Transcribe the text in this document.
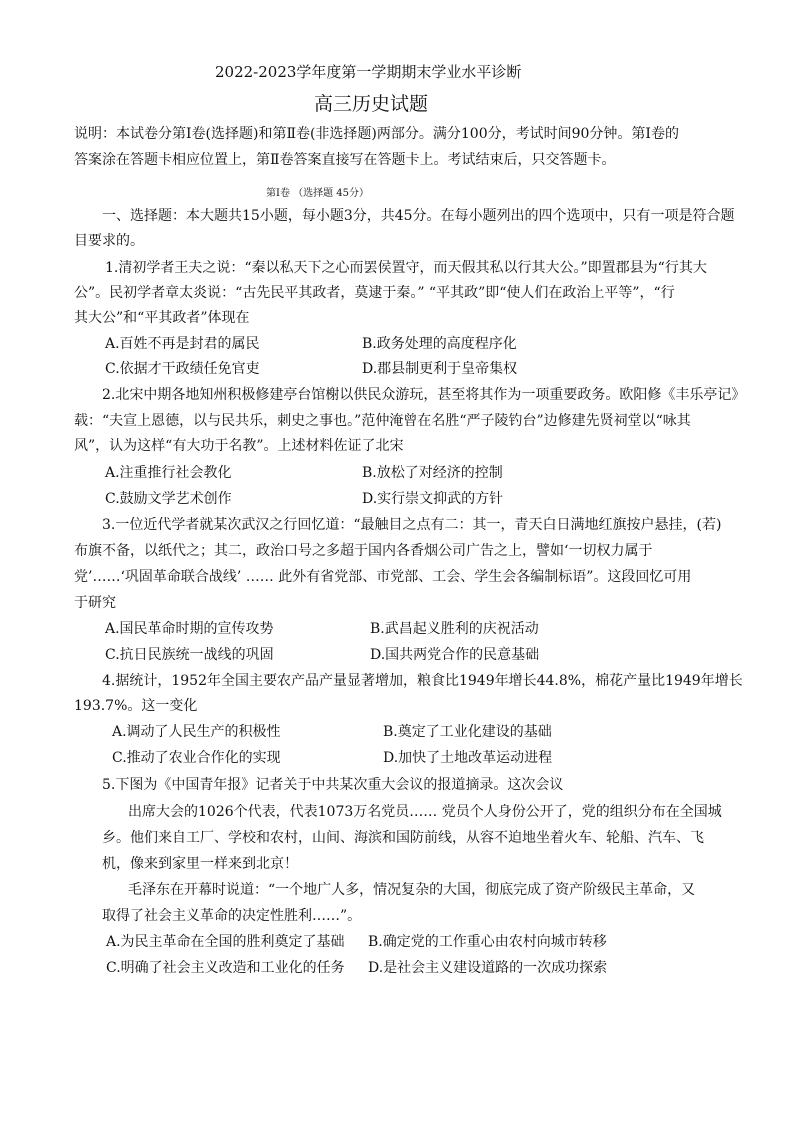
2022-2023学年度第一学期期末学业水平诊断

高三历史试题

说明：本试卷分第Ⅰ卷(选择题)和第Ⅱ卷(非选择题)两部分。满分100分，考试时间90分钟。第Ⅰ卷的

答案涂在答题卡相应位置上，第Ⅱ卷答案直接写在答题卡上。考试结束后，只交答题卡。

第Ⅰ卷 （选择题 45分）

一、选择题：本大题共15小题，每小题3分，共45分。在每小题列出的四个选项中，只有一项是符合题

目要求的。

1.清初学者王夫之说：“秦以私天下之心而罢侯置守，而天假其私以行其大公。”即置郡县为“行其大

公”。民初学者章太炎说：“古先民平其政者，莫逮于秦。” “平其政”即“使人们在政治上平等”，“行

其大公”和“平其政者”体现在

A.百姓不再是封君的属民	B.政务处理的高度程序化
C.依据才干政绩任免官吏	D.郡县制更利于皇帝集权

2.北宋中期各地知州积极修建亭台馆榭以供民众游玩，甚至将其作为一项重要政务。欧阳修《丰乐亭记》

载：“夫宣上恩德，以与民共乐，刺史之事也。”范仲淹曾在名胜“严子陵钓台”边修建先贤祠堂以“咏其

风”，认为这样“有大功于名教”。上述材料佐证了北宋

A.注重推行社会教化	B.放松了对经济的控制
C.鼓励文学艺术创作	D.实行崇文抑武的方针

3.一位近代学者就某次武汉之行回忆道：“最触目之点有二：其一，青天白日满地红旗按户悬挂，(若)

布旗不备，以纸代之；其二，政治口号之多超于国内各香烟公司广告之上，譬如‘一切权力属于

党’……‘巩固革命联合战线’ …… 此外有省党部、市党部、工会、学生会各编制标语”。这段回忆可用

于研究

A.国民革命时期的宣传攻势	B.武昌起义胜利的庆祝活动
C.抗日民族统一战线的巩固	D.国共两党合作的民意基础

4.据统计，1952年全国主要农产品产量显著增加，粮食比1949年增长44.8%，棉花产量比1949年增长

193.7%。这一变化

A.调动了人民生产的积极性	B.奠定了工业化建设的基础
C.推动了农业合作化的实现	D.加快了土地改革运动进程

5.下图为《中国青年报》记者关于中共某次重大会议的报道摘录。这次会议

出席大会的1026个代表，代表1073万名党员…… 党员个人身份公开了，党的组织分布在全国城

乡。他们来自工厂、学校和农村，山间、海滨和国防前线，从容不迫地坐着火车、轮船、汽车、飞

机，像来到家里一样来到北京！

毛泽东在开幕时说道：“一个地广人多，情况复杂的大国，彻底完成了资产阶级民主革命，又

取得了社会主义革命的决定性胜利……”。

A.为民主革命在全国的胜利奠定了基础 B.确定党的工作重心由农村向城市转移
C.明确了社会主义改造和工业化的任务 D.是社会主义建设道路的一次成功探索
